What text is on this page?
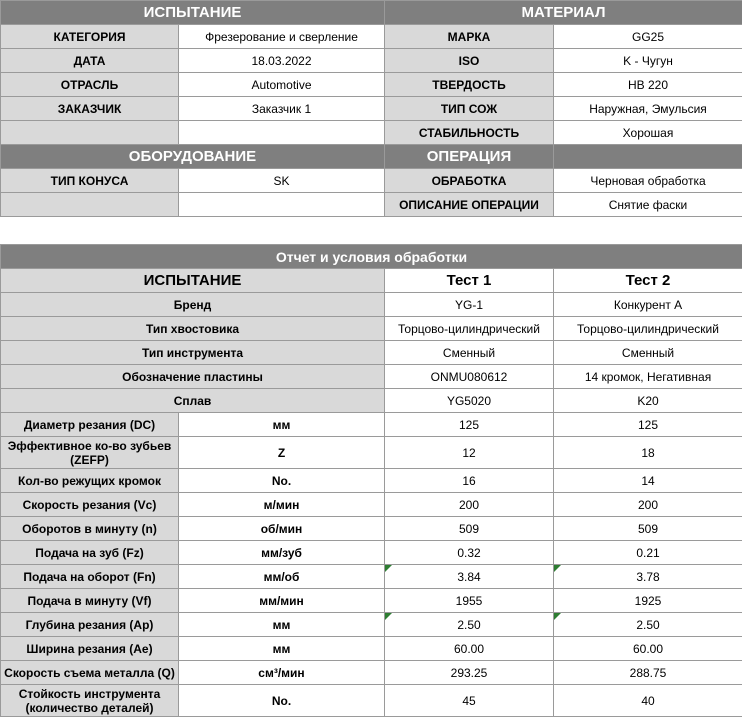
ИСПЫТАНИЕ		МАТЕРИАЛ	
КАТЕГОРИЯ	Фрезерование и сверление	МАРКА	GG25
ДАТА	18.03.2022	ISO	K - Чугун
ОТРАСЛЬ	Automotive	ТВЕРДОСТЬ	HB 220
ЗАКАЗЧИК	Заказчик 1	ТИП СОЖ	Наружная, Эмульсия
		СТАБИЛЬНОСТЬ	Хорошая
ОБОРУДОВАНИЕ		ОПЕРАЦИЯ	
ТИП КОНУСА	SK	ОБРАБОТКА	Черновая обработка
		ОПИСАНИЕ ОПЕРАЦИИ	Снятие фаски

Отчет и условия обработки			
ИСПЫТАНИЕ		Тест 1	Тест 2
Бренд		YG-1	Конкурент А
Тип хвостовика		Торцово-цилиндрический	Торцово-цилиндрический
Тип инструмента		Сменный	Сменный
Обозначение пластины		ONMU080612	14 кромок, Негативная
Сплав		YG5020	K20
Диаметр резания (DC)	мм	125	125
Эффективное ко-во зубьев (ZEFP)	Z	12	18
Кол-во режущих кромок	No.	16	14
Скорость резания (Vc)	м/мин	200	200
Оборотов в минуту (n)	об/мин	509	509
Подача на зуб (Fz)	мм/зуб	0.32	0.21
Подача на оборот (Fn)	мм/об	3.84	3.78
Подача в минуту (Vf)	мм/мин	1955	1925
Глубина резания (Ap)	мм	2.50	2.50
Ширина резания (Ae)	мм	60.00	60.00
Скорость съема металла (Q)	см³/мин	293.25	288.75
Стойкость инструмента (количество деталей)	No.	45	40
